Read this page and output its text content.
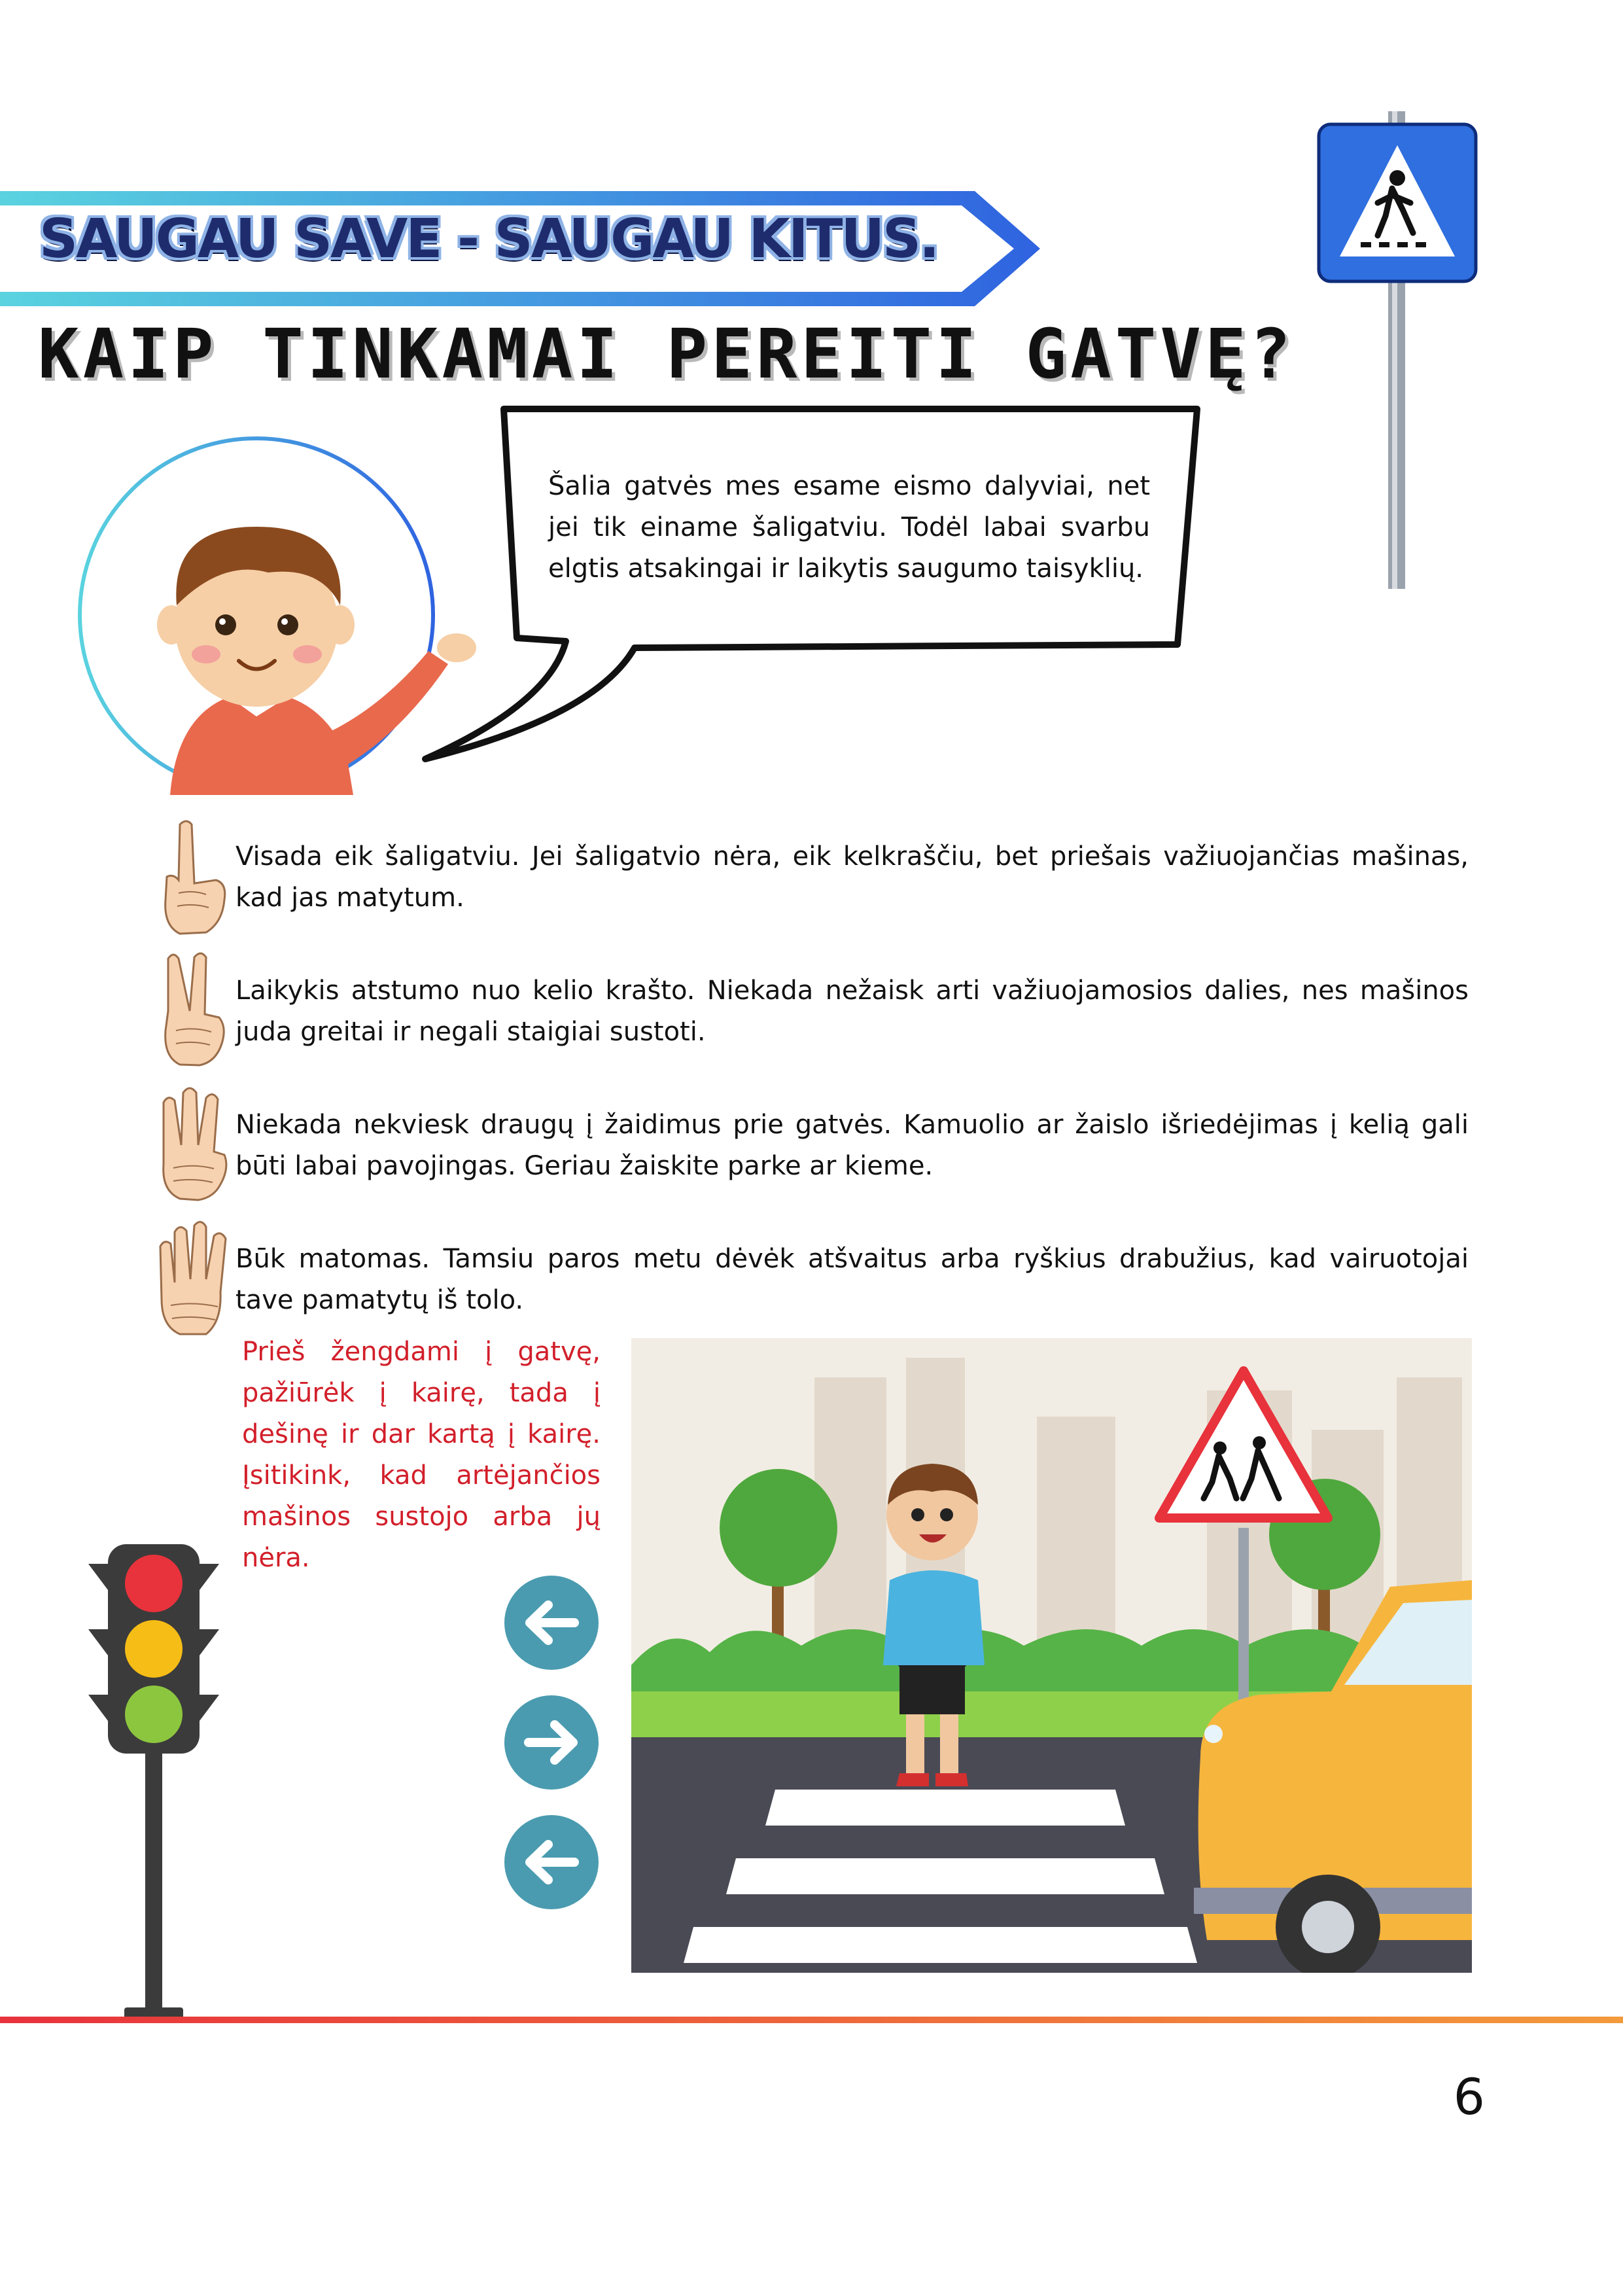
SAUGAU SAVE - SAUGAU KITUS.
KAIP TINKAMAI PEREITI GATVĘ?
Šalia gatvės mes esame eismo dalyviai, net jei tik einame šaligatviu. Todėl labai svarbu elgtis atsakingai ir laikytis saugumo taisyklių.
Visada eik šaligatviu. Jei šaligatvio nėra, eik kelkraščiu, bet priešais važiuojančias mašinas, kad jas matytum.
Laikykis atstumo nuo kelio krašto. Niekada nežaisk arti važiuojamosios dalies, nes mašinos juda greitai ir negali staigiai sustoti.
Niekada nekviesk draugų į žaidimus prie gatvės. Kamuolio ar žaislo išriedėjimas į kelią gali būti labai pavojingas. Geriau žaiskite parke ar kieme.
Būk matomas. Tamsiu paros metu dėvėk atšvaitus arba ryškius drabužius, kad vairuotojai tave pamatytų iš tolo.
Prieš žengdami į gatvę, pažiūrėk į kairę, tada į dešinę ir dar kartą į kairę. Įsitikink, kad artėjančios mašinos sustojo arba jų nėra.
6
